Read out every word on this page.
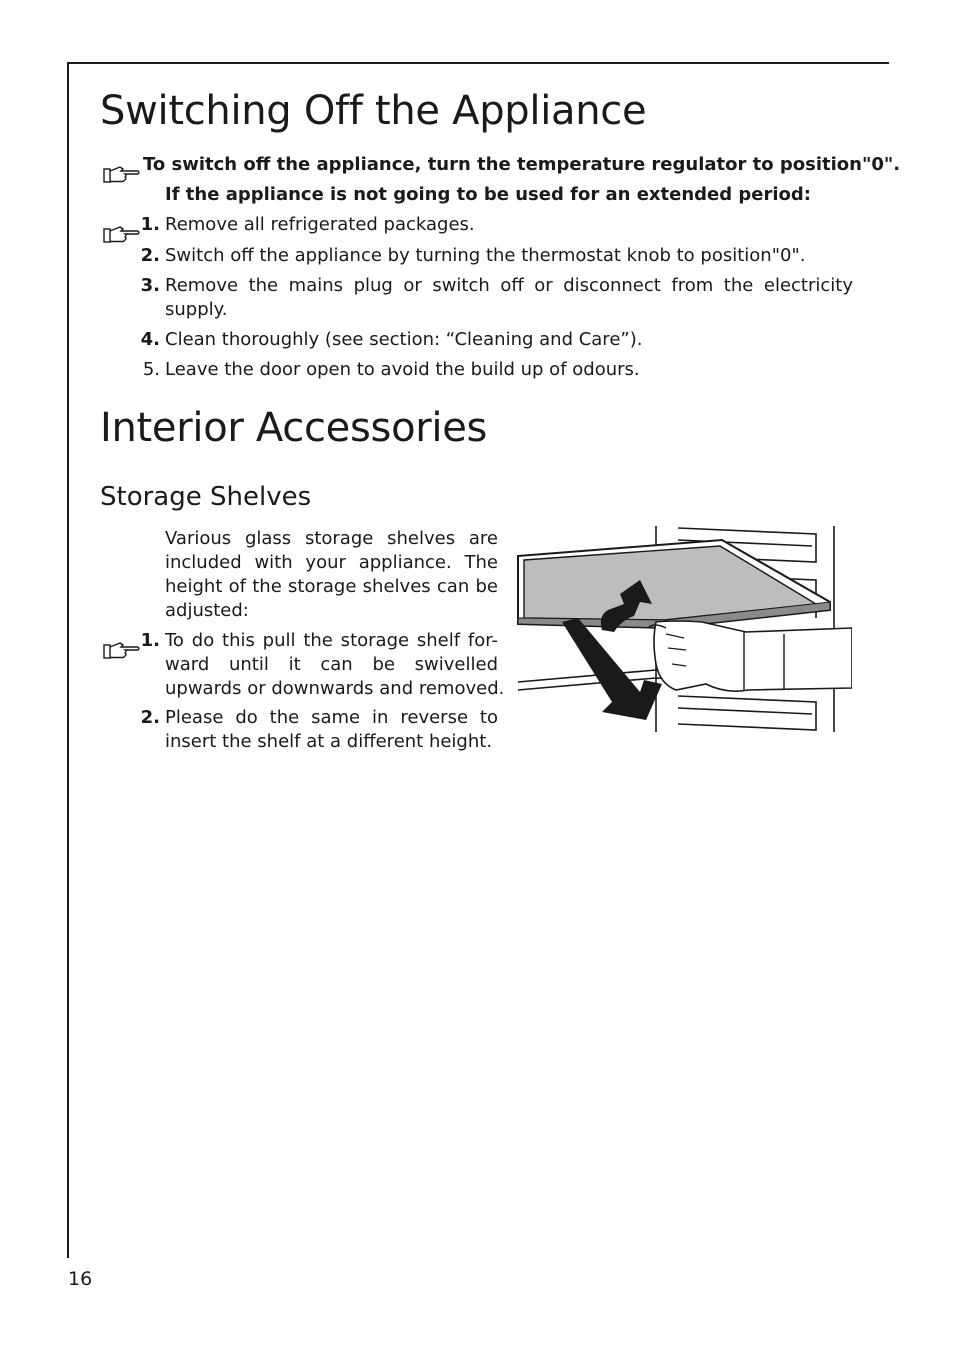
Switching Off the Appliance
To switch off the appliance, turn the temperature regulator to position"0".
If the appliance is not going to be used for an extended period:
1. Remove all refrigerated packages.
2. Switch off the appliance by turning the thermostat knob to position"0".
3. Remove the mains plug or switch off or disconnect from the electricity
supply.
4. Clean thoroughly (see section: “Cleaning and Care”).
5. Leave the door open to avoid the build up of odours.
Interior Accessories
Storage Shelves
Various glass storage shelves are
included with your appliance. The
height of the storage shelves can be
adjusted:
1. To do this pull the storage shelf for-
ward until it can be swivelled
upwards or downwards and removed.
2. Please do the same in reverse to
insert the shelf at a different height.
16
